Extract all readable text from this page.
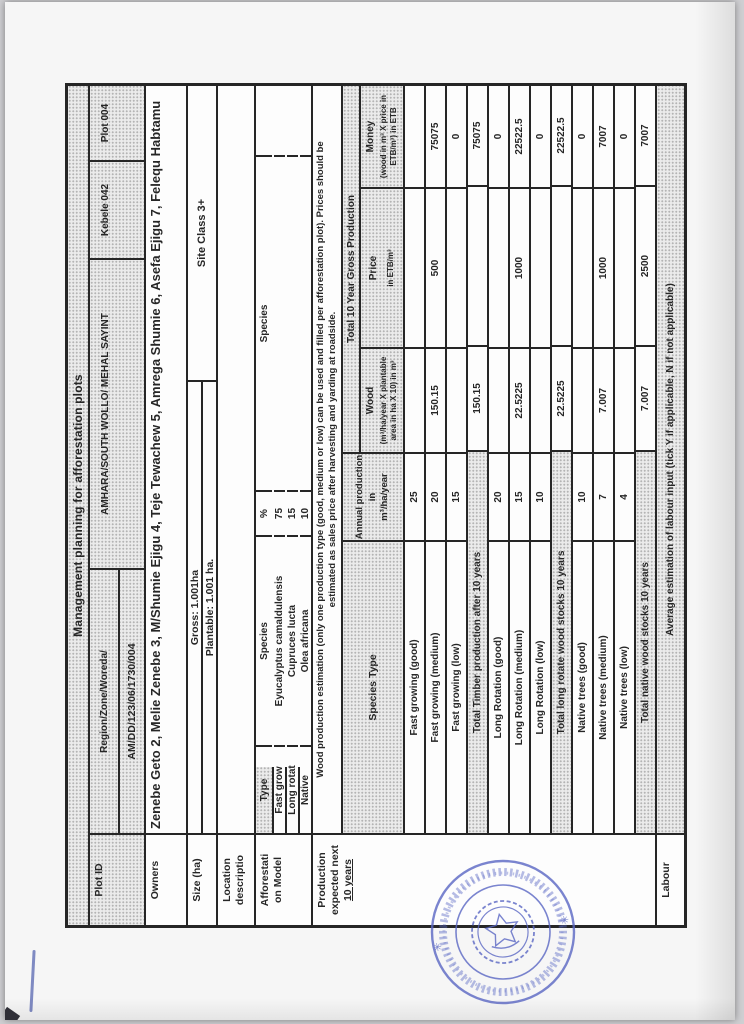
Management planning for afforestation plots
Plot ID
Region/Zone/Woreda/
AMHARA/SOUTH WOLLO/ MEHAL SAYINT
Kebele 042
Plot 004
AM/DD/123/06/1730/004
Owners
Zenebe Geto 2, Melie Zenebe 3, M/Shumie Ejigu 4, Teje Tewachew 5, Amrega Shumie 6, Asefa Ejigu 7, Felequ Habtamu
Size (ha)
Gross: 1.001ha Plantable: 1.001 ha.
Site Class 3+
Location descriptio Afforestati on Model
Type
Species
%
Species
Fast grow
Eyucalyptus camaldulensis
75
Long rotat
Cupruces lucta
15
Native
Olea africana
10
Production expected next 10 years
Wood production estimation (only one production type (good, medium or low) can be used and filled per afforestation plot). Prices should be estimated as sales price after harvesting and yarding at roadside.
Species Type
Annual production in m³/ha/year
Total 10 Year Gross Production
Wood (m³/ha/year X plantable area in ha X 10) in m³
Price in ETB/m³
Money (wood in m³ X price in ETB/m³) in ETB
Fast growing (good)
25
Fast growing (medium)
20
150.15
500
75075
Fast growing (low)
15
0
Total Timber production after 10 years
150.15
75075
Long Rotation (good)
20
0
Long Rotation (medium)
15
22.5225
1000
22522.5
Long Rotation (low)
10
0
Total long rotate wood stocks 10 years
22.5225
22522.5
Native trees (good)
10
0
Native trees (medium)
7
7.007
1000
7007
Native trees (low)
4
0
Total native wood stocks 10 years
7.007
2500
7007
Labour
Average estimation of labour input (tick Y if applicable, N if not applicable)
✳
✳
